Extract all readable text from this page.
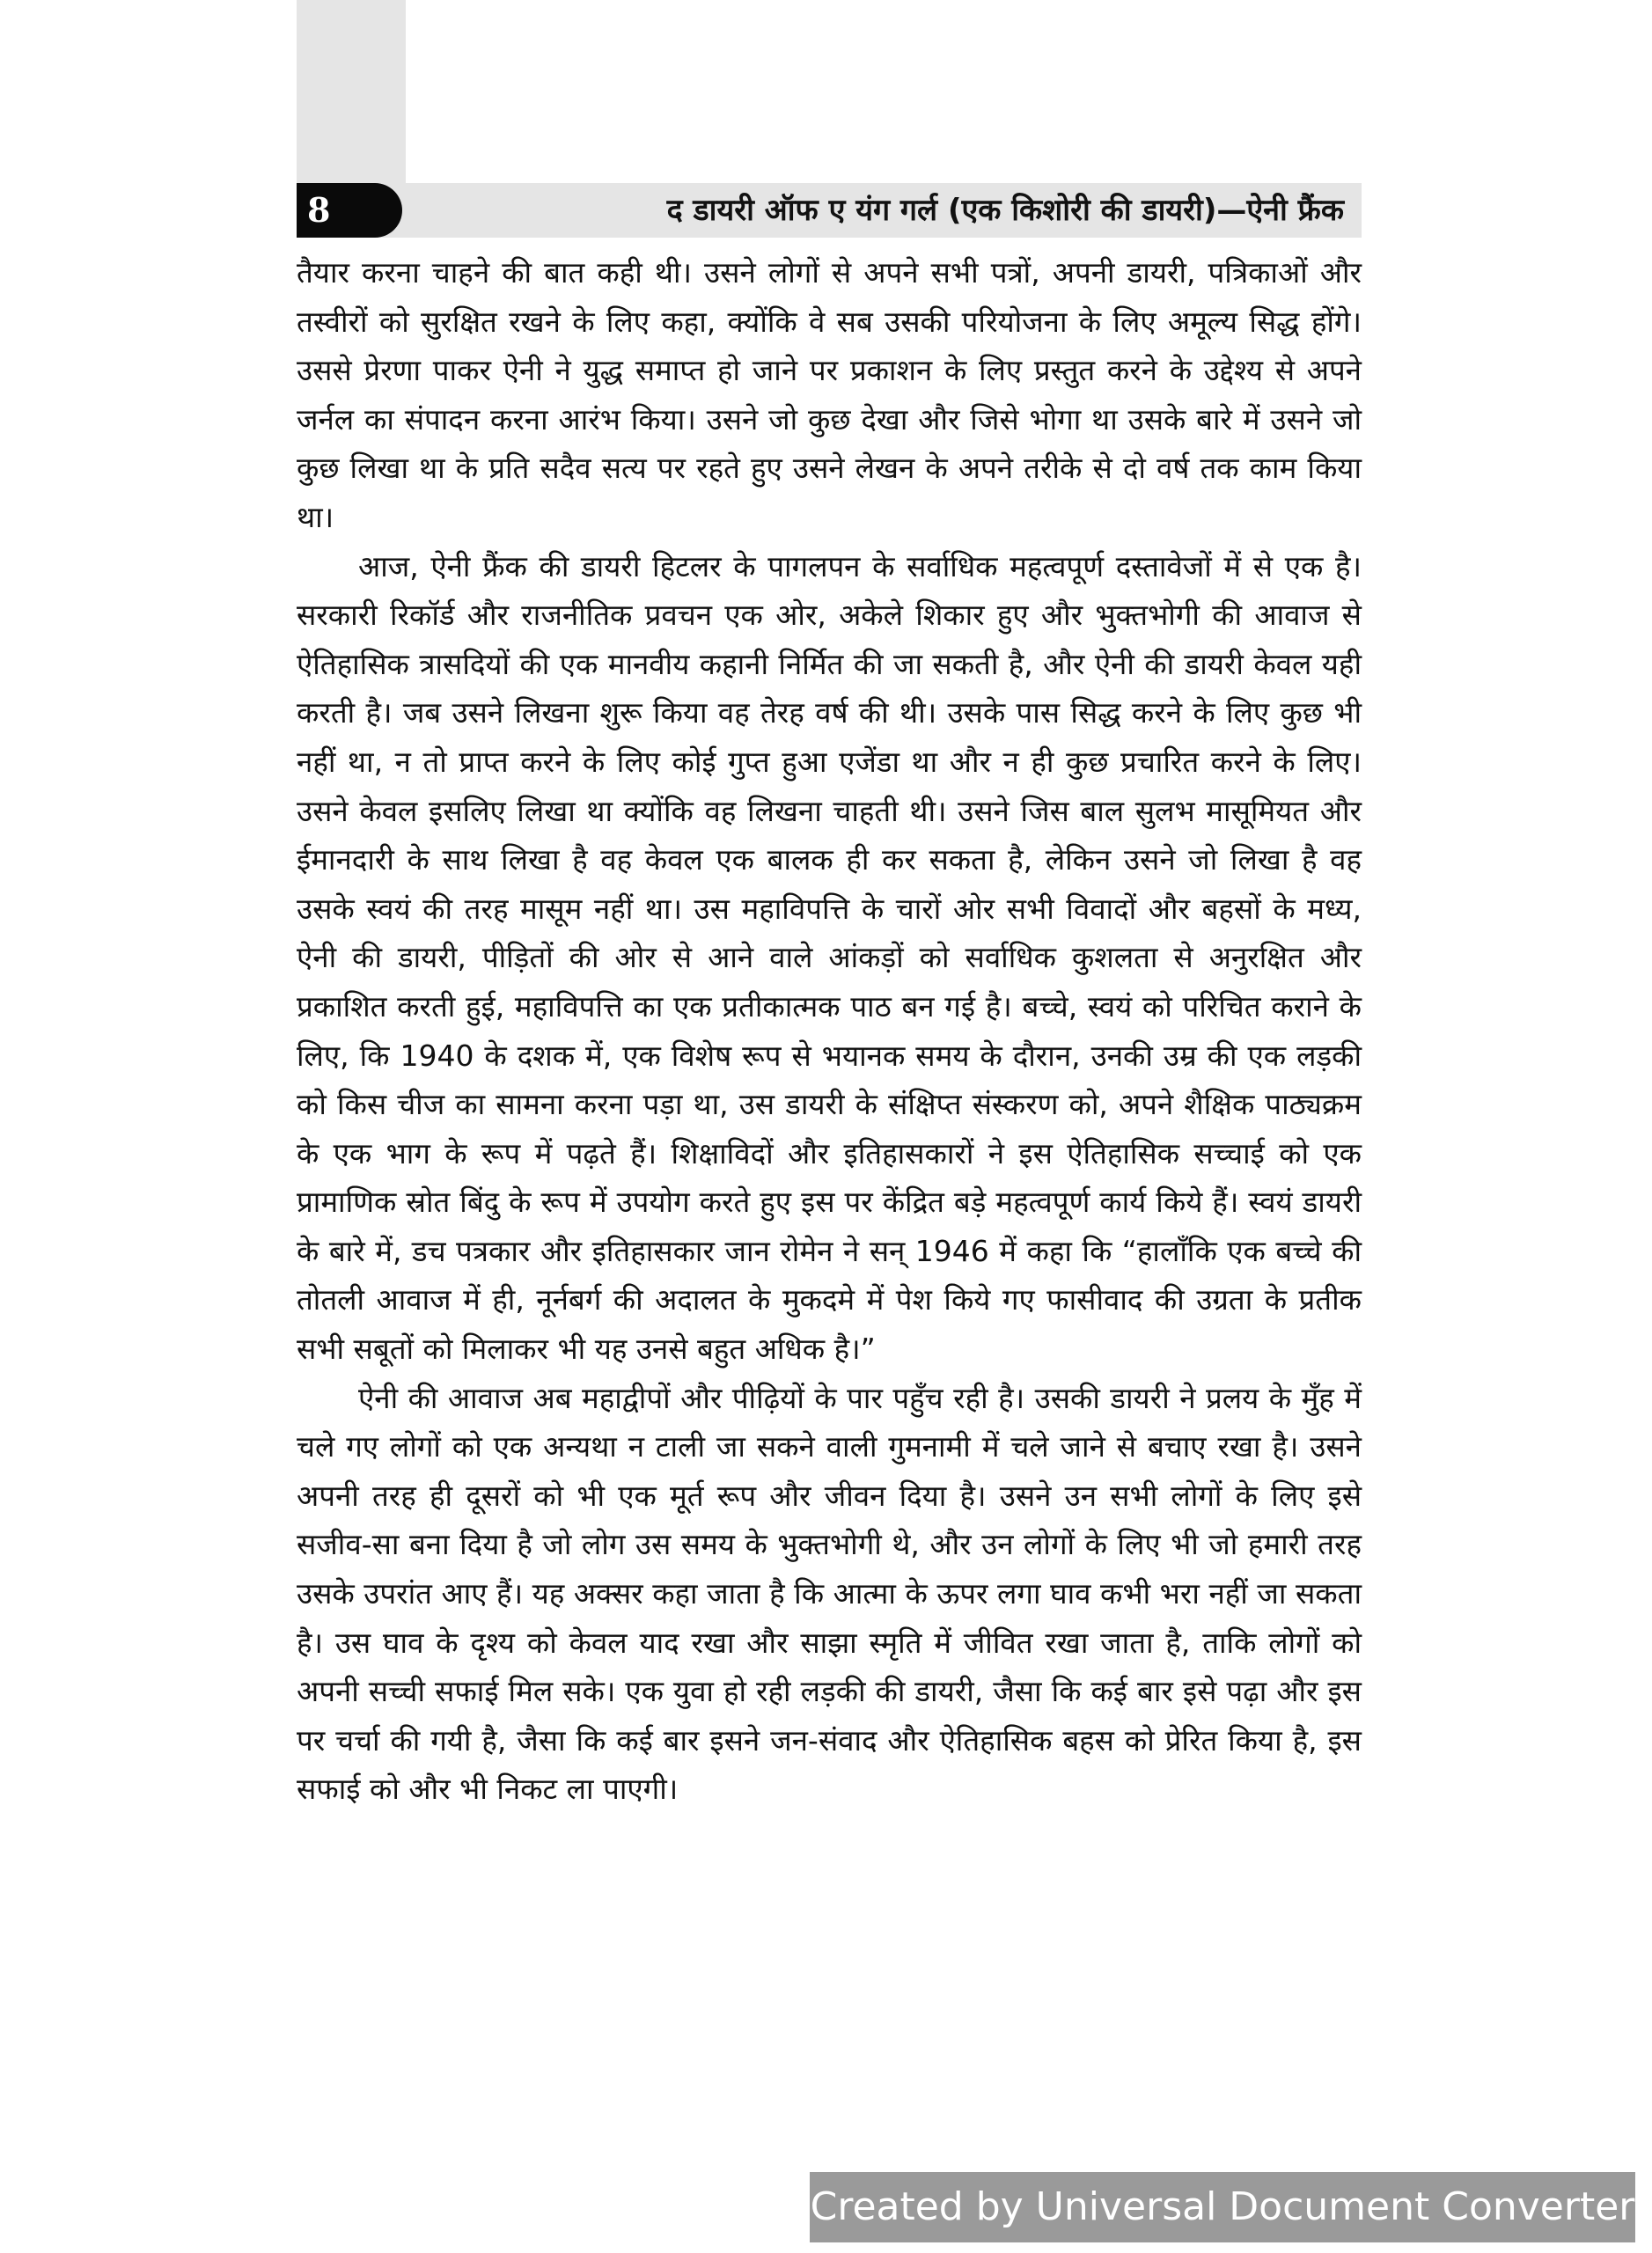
8	द डायरी ऑफ ए यंग गर्ल (एक किशोरी की डायरी)—ऐनी फ्रैंक

तैयार करना चाहने की बात कही थी। उसने लोगों से अपने सभी पत्रों, अपनी डायरी, पत्रिकाओं और तस्वीरों को सुरक्षित रखने के लिए कहा, क्योंकि वे सब उसकी परियोजना के लिए अमूल्य सिद्ध होंगे। उससे प्रेरणा पाकर ऐनी ने युद्ध समाप्त हो जाने पर प्रकाशन के लिए प्रस्तुत करने के उद्देश्य से अपने जर्नल का संपादन करना आरंभ किया। उसने जो कुछ देखा और जिसे भोगा था उसके बारे में उसने जो कुछ लिखा था के प्रति सदैव सत्य पर रहते हुए उसने लेखन के अपने तरीके से दो वर्ष तक काम किया था।

आज, ऐनी फ्रैंक की डायरी हिटलर के पागलपन के सर्वाधिक महत्वपूर्ण दस्तावेजों में से एक है। सरकारी रिकॉर्ड और राजनीतिक प्रवचन एक ओर, अकेले शिकार हुए और भुक्तभोगी की आवाज से ऐतिहासिक त्रासदियों की एक मानवीय कहानी निर्मित की जा सकती है, और ऐनी की डायरी केवल यही करती है। जब उसने लिखना शुरू किया वह तेरह वर्ष की थी। उसके पास सिद्ध करने के लिए कुछ भी नहीं था, न तो प्राप्त करने के लिए कोई गुप्त हुआ एजेंडा था और न ही कुछ प्रचारित करने के लिए। उसने केवल इसलिए लिखा था क्योंकि वह लिखना चाहती थी। उसने जिस बाल सुलभ मासूमियत और ईमानदारी के साथ लिखा है वह केवल एक बालक ही कर सकता है, लेकिन उसने जो लिखा है वह उसके स्वयं की तरह मासूम नहीं था। उस महाविपत्ति के चारों ओर सभी विवादों और बहसों के मध्य, ऐनी की डायरी, पीड़ितों की ओर से आने वाले आंकड़ों को सर्वाधिक कुशलता से अनुरक्षित और प्रकाशित करती हुई, महाविपत्ति का एक प्रतीकात्मक पाठ बन गई है। बच्चे, स्वयं को परिचित कराने के लिए, कि 1940 के दशक में, एक विशेष रूप से भयानक समय के दौरान, उनकी उम्र की एक लड़की को किस चीज का सामना करना पड़ा था, उस डायरी के संक्षिप्त संस्करण को, अपने शैक्षिक पाठ्यक्रम के एक भाग के रूप में पढ़ते हैं। शिक्षाविदों और इतिहासकारों ने इस ऐतिहासिक सच्चाई को एक प्रामाणिक स्रोत बिंदु के रूप में उपयोग करते हुए इस पर केंद्रित बड़े महत्वपूर्ण कार्य किये हैं। स्वयं डायरी के बारे में, डच पत्रकार और इतिहासकार जान रोमेन ने सन् 1946 में कहा कि “हालाँकि एक बच्चे की तोतली आवाज में ही, नूर्नबर्ग की अदालत के मुकदमे में पेश किये गए फासीवाद की उग्रता के प्रतीक सभी सबूतों को मिलाकर भी यह उनसे बहुत अधिक है।”

ऐनी की आवाज अब महाद्वीपों और पीढ़ियों के पार पहुँच रही है। उसकी डायरी ने प्रलय के मुँह में चले गए लोगों को एक अन्यथा न टाली जा सकने वाली गुमनामी में चले जाने से बचाए रखा है। उसने अपनी तरह ही दूसरों को भी एक मूर्त रूप और जीवन दिया है। उसने उन सभी लोगों के लिए इसे सजीव-सा बना दिया है जो लोग उस समय के भुक्तभोगी थे, और उन लोगों के लिए भी जो हमारी तरह उसके उपरांत आए हैं। यह अक्सर कहा जाता है कि आत्मा के ऊपर लगा घाव कभी भरा नहीं जा सकता है। उस घाव के दृश्य को केवल याद रखा और साझा स्मृति में जीवित रखा जाता है, ताकि लोगों को अपनी सच्ची सफाई मिल सके। एक युवा हो रही लड़की की डायरी, जैसा कि कई बार इसे पढ़ा और इस पर चर्चा की गयी है, जैसा कि कई बार इसने जन-संवाद और ऐतिहासिक बहस को प्रेरित किया है, इस सफाई को और भी निकट ला पाएगी।

Created by Universal Document Converter
